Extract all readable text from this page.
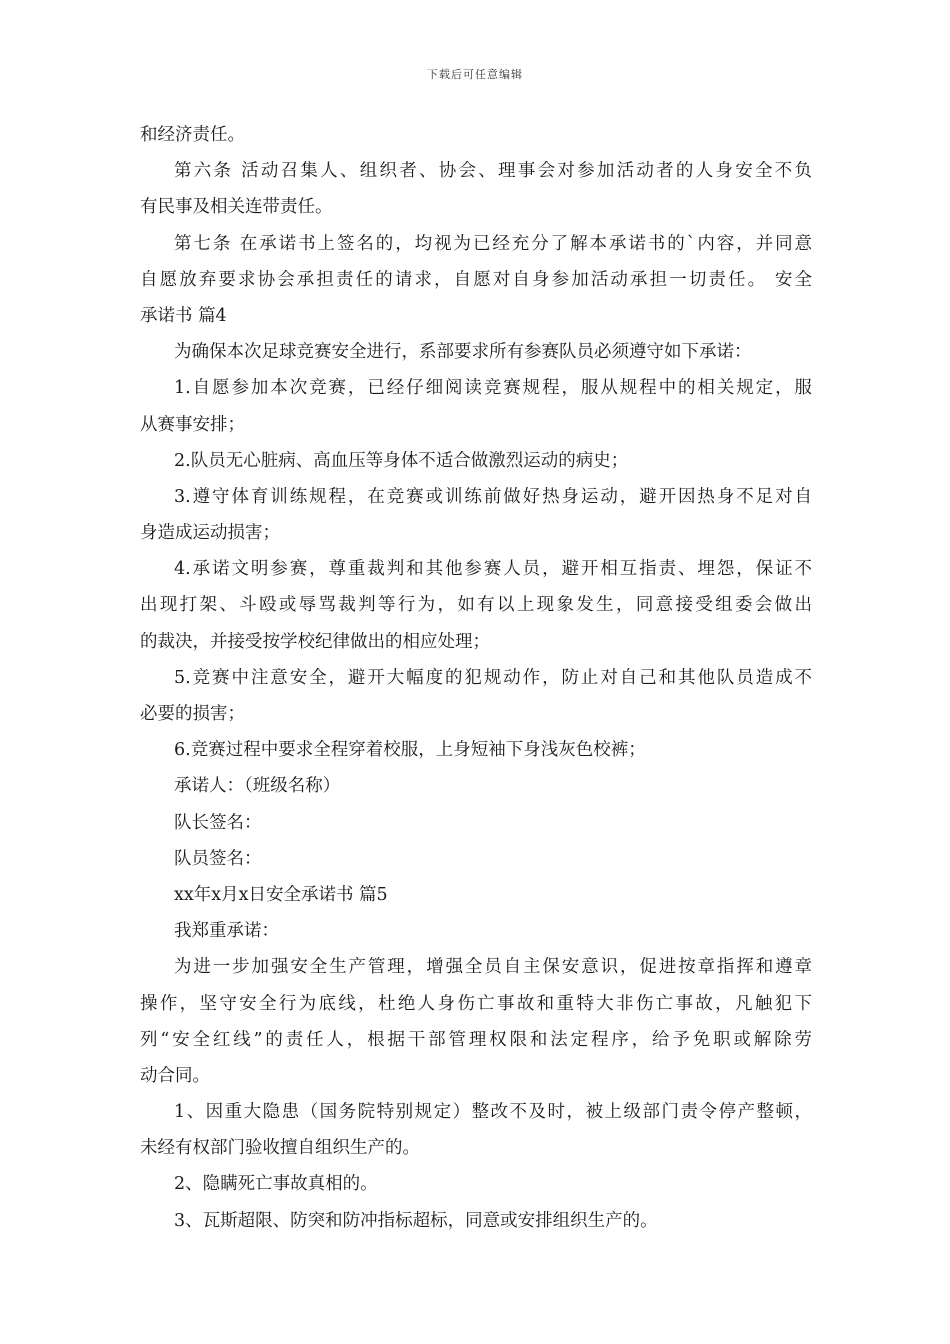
下载后可任意编辑
和经济责任。
第六条 活动召集人、组织者、协会、理事会对参加活动者的人身安全不负
有民事及相关连带责任。
第七条 在承诺书上签名的，均视为已经充分了解本承诺书的`内容，并同意
自愿放弃要求协会承担责任的请求，自愿对自身参加活动承担一切责任。 安全
承诺书 篇4
为确保本次足球竞赛安全进行，系部要求所有参赛队员必须遵守如下承诺：
1.自愿参加本次竞赛，已经仔细阅读竞赛规程，服从规程中的相关规定，服
从赛事安排；
2.队员无心脏病、高血压等身体不适合做激烈运动的病史；
3.遵守体育训练规程，在竞赛或训练前做好热身运动，避开因热身不足对自
身造成运动损害；
4.承诺文明参赛，尊重裁判和其他参赛人员，避开相互指责、埋怨，保证不
出现打架、斗殴或辱骂裁判等行为，如有以上现象发生，同意接受组委会做出
的裁决，并接受按学校纪律做出的相应处理；
5.竞赛中注意安全，避开大幅度的犯规动作，防止对自己和其他队员造成不
必要的损害；
6.竞赛过程中要求全程穿着校服，上身短袖下身浅灰色校裤；
承诺人：（班级名称）
队长签名：
队员签名：
xx年x月x日安全承诺书 篇5
我郑重承诺：
为进一步加强安全生产管理，增强全员自主保安意识，促进按章指挥和遵章
操作，坚守安全行为底线，杜绝人身伤亡事故和重特大非伤亡事故，凡触犯下
列“安全红线”的责任人，根据干部管理权限和法定程序，给予免职或解除劳
动合同。
1、因重大隐患（国务院特别规定）整改不及时，被上级部门责令停产整顿，
未经有权部门验收擅自组织生产的。
2、隐瞒死亡事故真相的。
3、瓦斯超限、防突和防冲指标超标，同意或安排组织生产的。
